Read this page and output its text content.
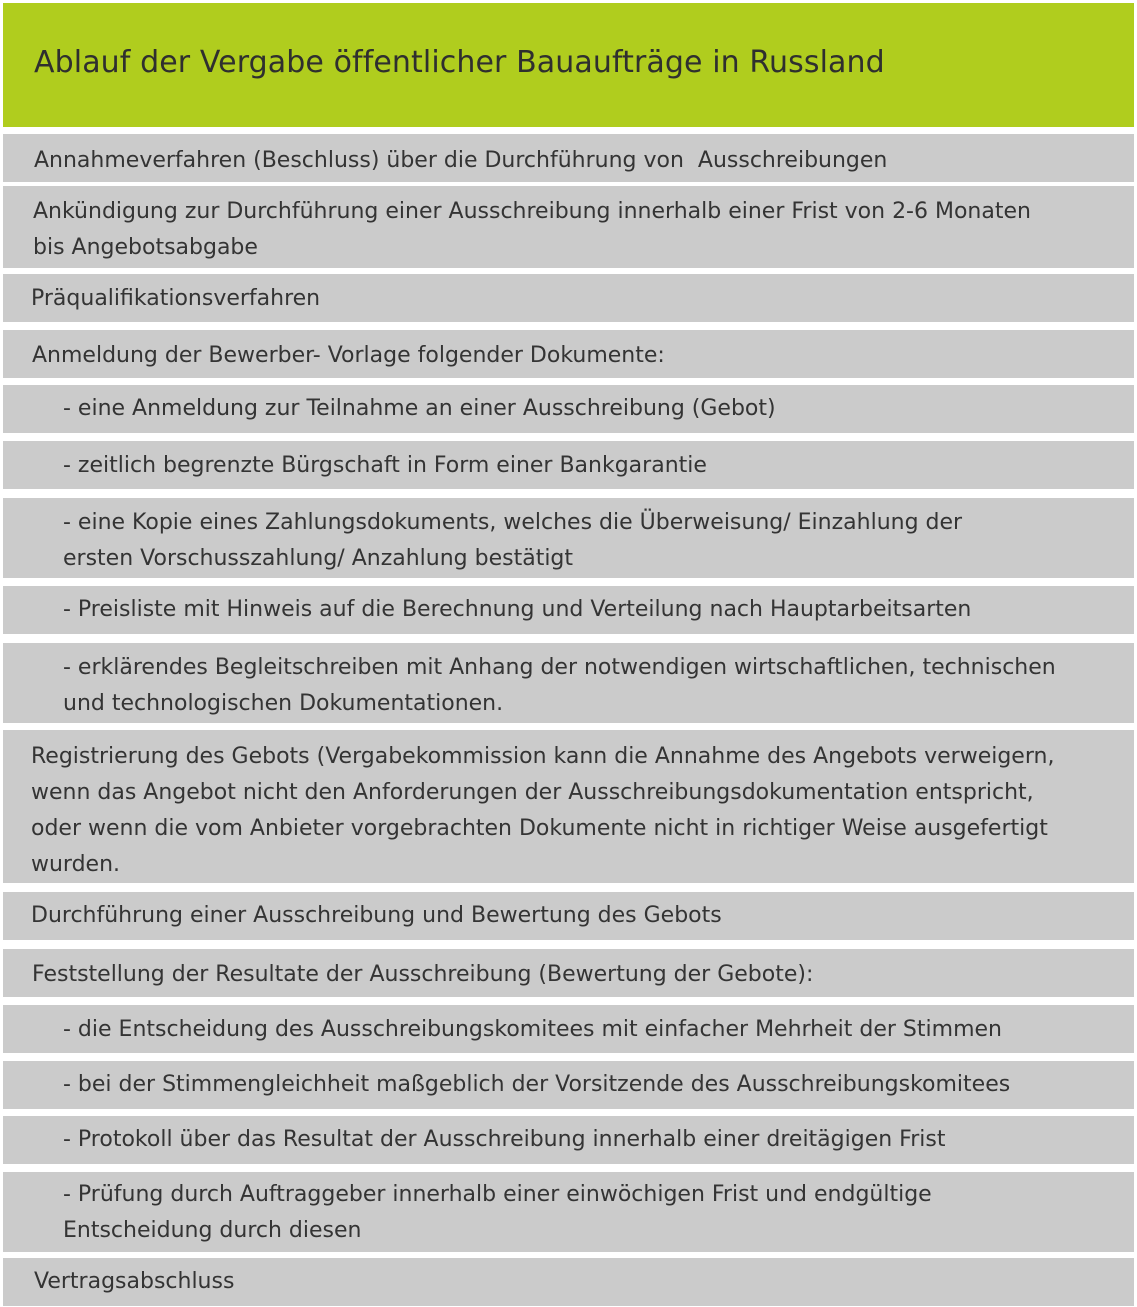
Ablauf der Vergabe öffentlicher Bauaufträge in Russland
Annahmeverfahren (Beschluss) über die Durchführung von  Ausschreibungen
Ankündigung zur Durchführung einer Ausschreibung innerhalb einer Frist von 2-6 Monaten
bis Angebotsabgabe
Präqualifikationsverfahren
Anmeldung der Bewerber- Vorlage folgender Dokumente:
- eine Anmeldung zur Teilnahme an einer Ausschreibung (Gebot)
- zeitlich begrenzte Bürgschaft in Form einer Bankgarantie
- eine Kopie eines Zahlungsdokuments, welches die Überweisung/ Einzahlung der
ersten Vorschusszahlung/ Anzahlung bestätigt
- Preisliste mit Hinweis auf die Berechnung und Verteilung nach Hauptarbeitsarten
- erklärendes Begleitschreiben mit Anhang der notwendigen wirtschaftlichen, technischen
und technologischen Dokumentationen.
Registrierung des Gebots (Vergabekommission kann die Annahme des Angebots verweigern,
wenn das Angebot nicht den Anforderungen der Ausschreibungsdokumentation entspricht,
oder wenn die vom Anbieter vorgebrachten Dokumente nicht in richtiger Weise ausgefertigt
wurden.
Durchführung einer Ausschreibung und Bewertung des Gebots
Feststellung der Resultate der Ausschreibung (Bewertung der Gebote):
- die Entscheidung des Ausschreibungskomitees mit einfacher Mehrheit der Stimmen
- bei der Stimmengleichheit maßgeblich der Vorsitzende des Ausschreibungskomitees
- Protokoll über das Resultat der Ausschreibung innerhalb einer dreitägigen Frist
- Prüfung durch Auftraggeber innerhalb einer einwöchigen Frist und endgültige
Entscheidung durch diesen
Vertragsabschluss
